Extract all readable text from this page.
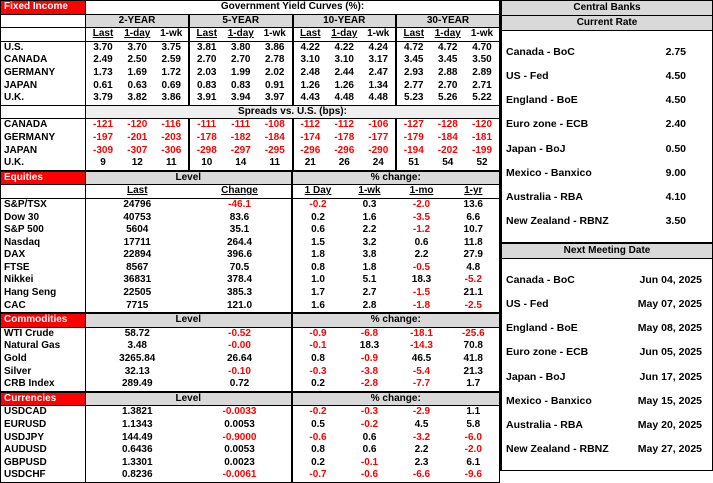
Fixed Income	Government Yield Curves (%):											
	2-YEAR			5-YEAR			10-YEAR			30-YEAR		
	Last	1-day	1-wk	Last	1-day	1-wk	Last	1-day	1-wk	Last	1-day	1-wk
U.S.	3.70	3.70	3.75	3.81	3.80	3.86	4.22	4.22	4.24	4.72	4.72	4.70
CANADA	2.49	2.50	2.59	2.70	2.70	2.78	3.10	3.10	3.17	3.45	3.45	3.50
GERMANY	1.73	1.69	1.72	2.03	1.99	2.02	2.48	2.44	2.47	2.93	2.88	2.89
JAPAN	0.61	0.63	0.69	0.83	0.83	0.91	1.26	1.26	1.34	2.77	2.70	2.71
U.K.	3.79	3.82	3.86	3.91	3.94	3.97	4.43	4.48	4.48	5.23	5.26	5.22
	Spreads vs. U.S. (bps):											
CANADA	-121	-120	-116	-111	-111	-108	-112	-112	-106	-127	-128	-120
GERMANY	-197	-201	-203	-178	-182	-184	-174	-178	-177	-179	-184	-181
JAPAN	-309	-307	-306	-298	-297	-295	-296	-296	-290	-194	-202	-199
U.K.	9	12	11	10	14	11	21	26	24	51	54	52
Equities	Level		% change:			
	Last	Change	1 Day	1-wk	1-mo	1-yr
S&P/TSX	24796	-46.1	-0.2	0.3	-2.0	13.6
Dow 30	40753	83.6	0.2	1.6	-3.5	6.6
S&P 500	5604	35.1	0.6	2.2	-1.2	10.7
Nasdaq	17711	264.4	1.5	3.2	0.6	11.8
DAX	22894	396.6	1.8	3.8	2.2	27.9
FTSE	8567	70.5	0.8	1.8	-0.5	4.8
Nikkei	36831	378.4	1.0	5.1	18.3	-5.2
Hang Seng	22505	385.3	1.7	2.7	-1.5	21.1
CAC	7715	121.0	1.6	2.8	-1.8	-2.5
Commodities	Level		% change:			
WTI Crude	58.72	-0.52	-0.9	-6.8	-18.1	-25.6
Natural Gas	3.48	-0.00	-0.1	18.3	-14.3	70.8
Gold	3265.84	26.64	0.8	-0.9	46.5	41.8
Silver	32.13	-0.10	-0.3	-3.8	-5.4	21.3
CRB Index	289.49	0.72	0.2	-2.8	-7.7	1.7
Currencies	Level		% change:			
USDCAD	1.3821	-0.0033	-0.2	-0.3	-2.9	1.1
EURUSD	1.1343	0.0053	0.5	-0.2	4.5	5.8
USDJPY	144.49	-0.9000	-0.6	0.6	-3.2	-6.0
AUDUSD	0.6436	0.0053	0.8	0.6	2.2	-2.0
GBPUSD	1.3301	0.0023	0.2	-0.1	2.3	6.1
USDCHF	0.8236	-0.0061	-0.7	-0.6	-6.6	-9.6
Central Banks
Current Rate
Canada - BoC	2.75
US - Fed	4.50
England - BoE	4.50
Euro zone - ECB	2.40
Japan - BoJ	0.50
Mexico - Banxico	9.00
Australia - RBA	4.10
New Zealand - RBNZ	3.50
Next Meeting Date
Canada - BoC	Jun 04, 2025
US - Fed	May 07, 2025
England - BoE	May 08, 2025
Euro zone - ECB	Jun 05, 2025
Japan - BoJ	Jun 17, 2025
Mexico - Banxico	May 15, 2025
Australia - RBA	May 20, 2025
New Zealand - RBNZ	May 27, 2025
